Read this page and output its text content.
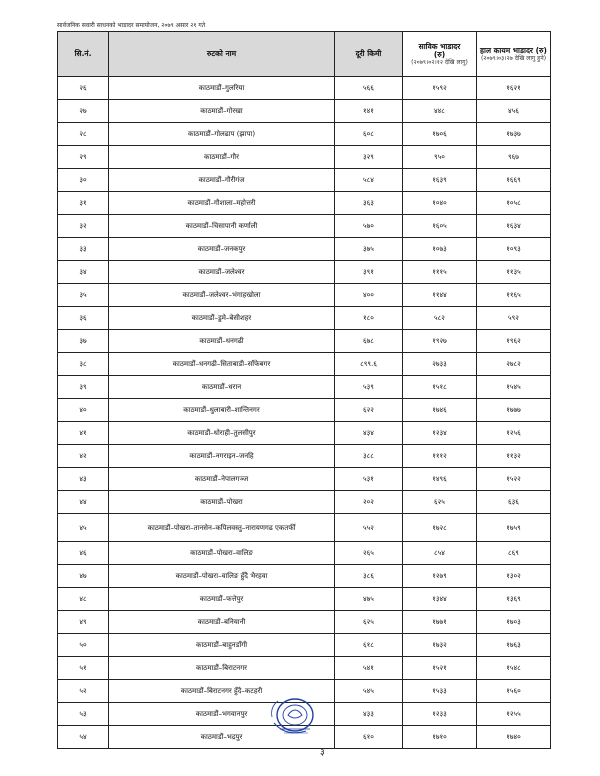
सार्वजनिक सवारी साधनको भाडादर समायोजन, २०७९ असार २१ गते
सि.नं.	रुटको नाम	दूरी किमी	साविक भाडादर
(रु)
(२०७९।०२।१२ देखि लागु)	हाल कायम भाडादर (रु)
(२०७९।०३।२७ देखि लागु हुने)

२६	काठमाडौं–गुलरिया	५६६	१५९२	१६२१
२७	काठमाडौं–गोरखा	१४१	४४८	४५६
२८	काठमाडौं–गोलढाप (झापा)	६०८	१७०६	१७३७
२९	काठमाडौं–गौर	३२९	९५०	९६७
३०	काठमाडौं–गौरीगंज	५८४	१६३९	१६६९
३१	काठमाडौं–गौशाला–महोत्तरी	३६३	१०४०	१०५८
३२	काठमाडौं–चिसापानी कर्णाली	५७०	१६०५	१६३४
३३	काठमाडौं–जनकपुर	३७५	१०७३	१०९३
३४	काठमाडौं–जलेश्वर	३९१	१११५	११३५
३५	काठमाडौं–जलेश्वर–भंगाहखोला	४००	११४४	११६५
३६	काठमाडौं–डुमे–बेसीशहर	१८०	५८२	५९२
३७	काठमाडौं–धनगढी	६७८	१९२७	१९६२
३८	काठमाडौं–धनगढी–सिताबाडी–साँफेबगर	८९९.६	२७३३	२७८२
३९	काठमाडौं–धरान	५३९	१५१८	१५४५
४०	काठमाडौं–धुलाबारी–शान्तिनगर	६२२	१७४६	१७७७
४१	काठमाडौं–धोराही–तुलसीपुर	४३४	१२३४	१२५६
४२	काठमाडौं–नगराइन–जनहि	३८८	१११२	११३२
४३	काठमाडौं–नेपालगञ्ज	५३१	१४९६	१५२२
४४	काठमाडौं–पोखरा	२०२	६२५	६३६
४५	काठमाडौं–पोखरा–तानसेन–कपिलवस्तु–नारायणगढ एकतर्फी	५५२	१७२८	१७५९
४६	काठमाडौं–पोखरा–वालिङ	२६५	८५४	८६९
४७	काठमाडौं–पोखरा–वालिङ हुँदै भैरहवा	३८६	१२७९	१३०२
४८	काठमाडौं–फत्तेपुर	४७५	१३४४	१३६९
४९	काठमाडौं–बनियानी	६२५	१७७१	१७०३
५०	काठमाडौं–बाहुनडाँगी	६१८	१७३२	१७६३
५१	काठमाडौं–बिराटनगर	५४१	१५२१	१५४८
५२	काठमाडौं–बिराटनगर हुँदै–कटहरी	५४५	१५३३	१५६०
५३	काठमाडौं–भगवानपुर	४३३	१२३३	१२५५
५४	काठमाडौं–भद्रपुर	६१०	१७१०	१७४०
३
